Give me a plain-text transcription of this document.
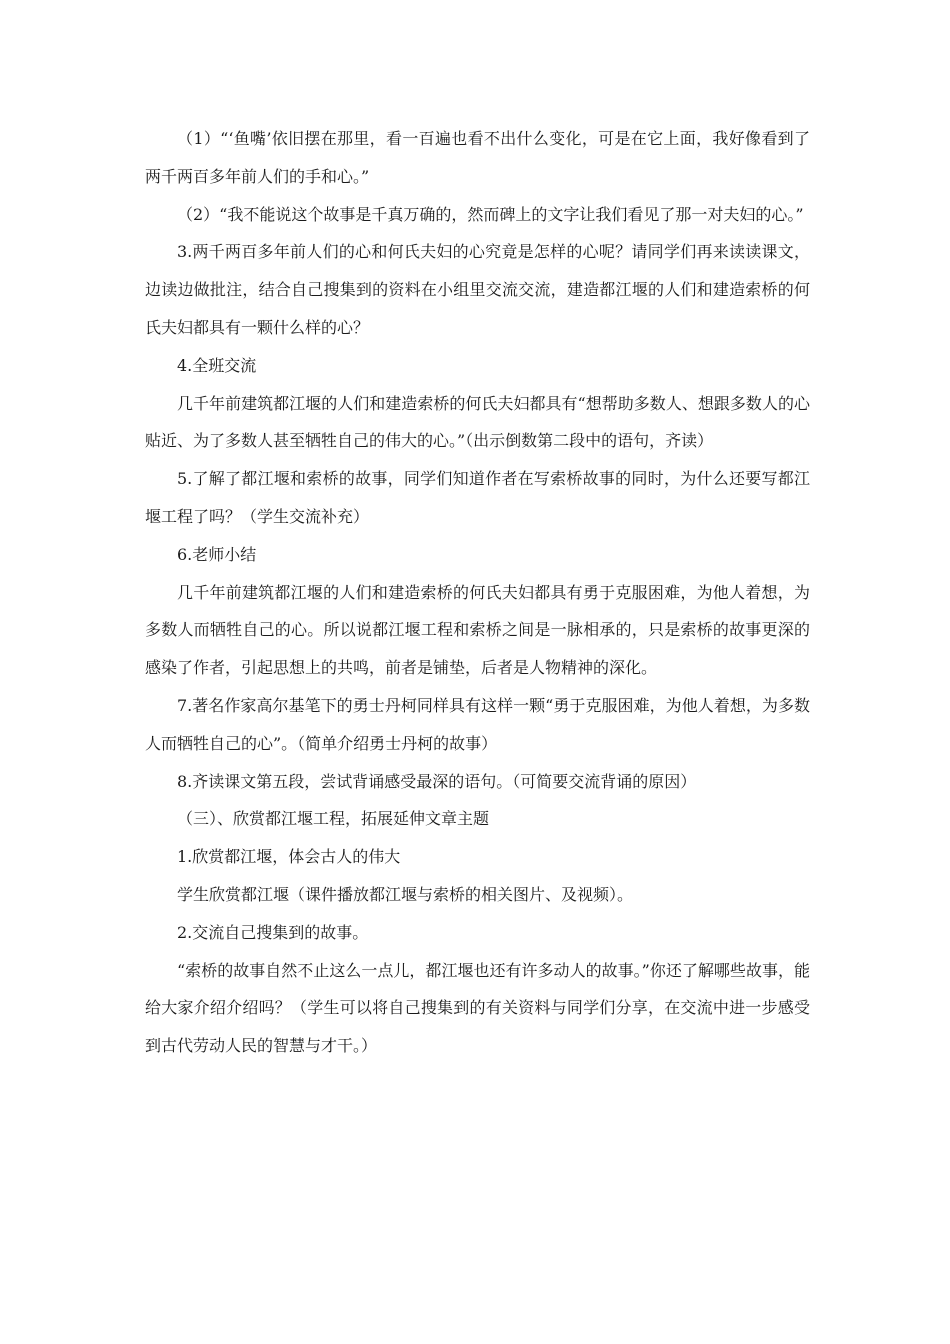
（1）“‘鱼嘴’依旧摆在那里，看一百遍也看不出什么变化，可是在它上面，我好像看到了两千两百多年前人们的手和心。”

（2）“我不能说这个故事是千真万确的，然而碑上的文字让我们看见了那一对夫妇的心。”

3.两千两百多年前人们的心和何氏夫妇的心究竟是怎样的心呢？请同学们再来读读课文，边读边做批注，结合自己搜集到的资料在小组里交流交流，建造都江堰的人们和建造索桥的何氏夫妇都具有一颗什么样的心？

4.全班交流

几千年前建筑都江堰的人们和建造索桥的何氏夫妇都具有“想帮助多数人、想跟多数人的心贴近、为了多数人甚至牺牲自己的伟大的心。”（出示倒数第二段中的语句，齐读）

5.了解了都江堰和索桥的故事，同学们知道作者在写索桥故事的同时，为什么还要写都江堰工程了吗？（学生交流补充）

6.老师小结

几千年前建筑都江堰的人们和建造索桥的何氏夫妇都具有勇于克服困难，为他人着想，为多数人而牺牲自己的心。所以说都江堰工程和索桥之间是一脉相承的，只是索桥的故事更深的感染了作者，引起思想上的共鸣，前者是铺垫，后者是人物精神的深化。

7.著名作家高尔基笔下的勇士丹柯同样具有这样一颗“勇于克服困难，为他人着想，为多数人而牺牲自己的心”。（简单介绍勇士丹柯的故事）

8.齐读课文第五段，尝试背诵感受最深的语句。（可简要交流背诵的原因）

（三）、欣赏都江堰工程，拓展延伸文章主题

1.欣赏都江堰，体会古人的伟大

学生欣赏都江堰（课件播放都江堰与索桥的相关图片、及视频）。

2.交流自己搜集到的故事。

“索桥的故事自然不止这么一点儿，都江堰也还有许多动人的故事。”你还了解哪些故事，能给大家介绍介绍吗？（学生可以将自己搜集到的有关资料与同学们分享，在交流中进一步感受到古代劳动人民的智慧与才干。）
